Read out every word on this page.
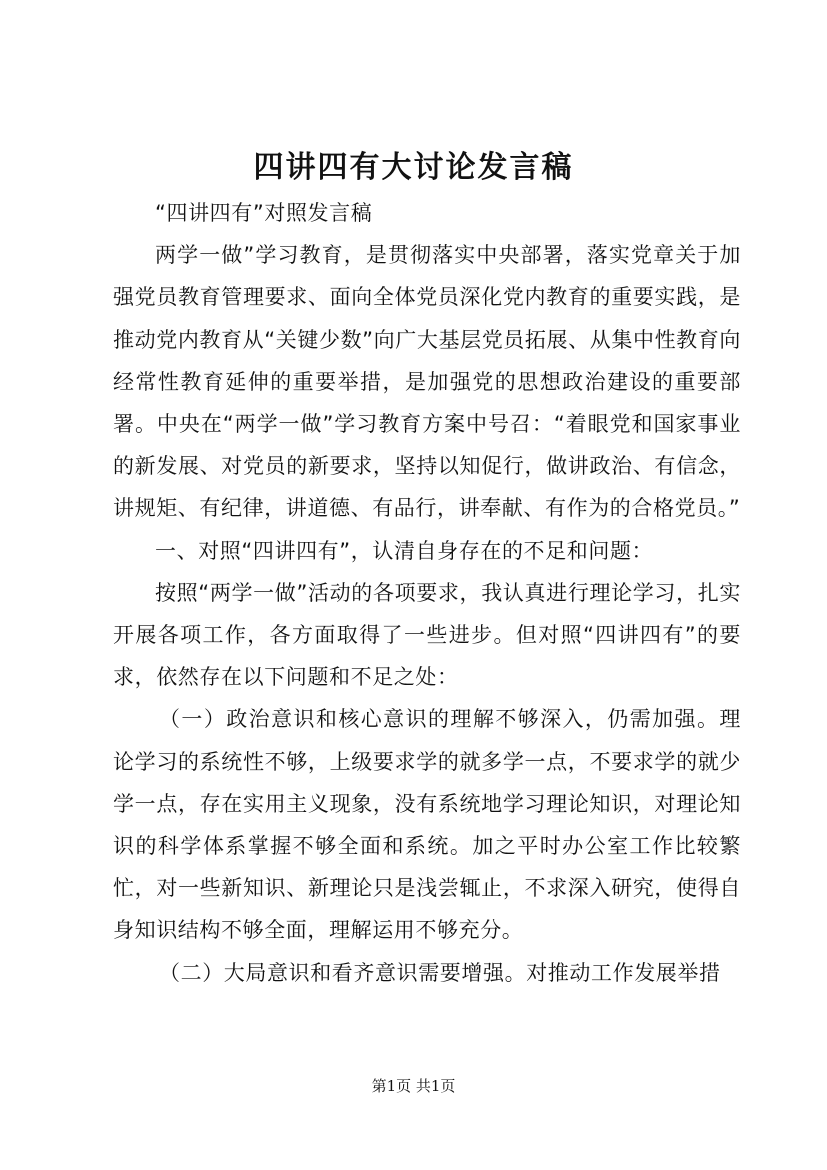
四讲四有大讨论发言稿

“四讲四有”对照发言稿

两学一做”学习教育，是贯彻落实中央部署，落实党章关于加强党员教育管理要求、面向全体党员深化党内教育的重要实践，是推动党内教育从“关键少数”向广大基层党员拓展、从集中性教育向经常性教育延伸的重要举措，是加强党的思想政治建设的重要部署。中央在“两学一做”学习教育方案中号召：“着眼党和国家事业的新发展、对党员的新要求，坚持以知促行，做讲政治、有信念，讲规矩、有纪律，讲道德、有品行，讲奉献、有作为的合格党员。”

一、对照“四讲四有”，认清自身存在的不足和问题：

按照“两学一做”活动的各项要求，我认真进行理论学习，扎实开展各项工作，各方面取得了一些进步。但对照“四讲四有”的要求，依然存在以下问题和不足之处：

（一）政治意识和核心意识的理解不够深入，仍需加强。理论学习的系统性不够，上级要求学的就多学一点，不要求学的就少学一点，存在实用主义现象，没有系统地学习理论知识，对理论知识的科学体系掌握不够全面和系统。加之平时办公室工作比较繁忙，对一些新知识、新理论只是浅尝辄止，不求深入研究，使得自身知识结构不够全面，理解运用不够充分。

（二）大局意识和看齐意识需要增强。对推动工作发展举措

第1页 共1页
